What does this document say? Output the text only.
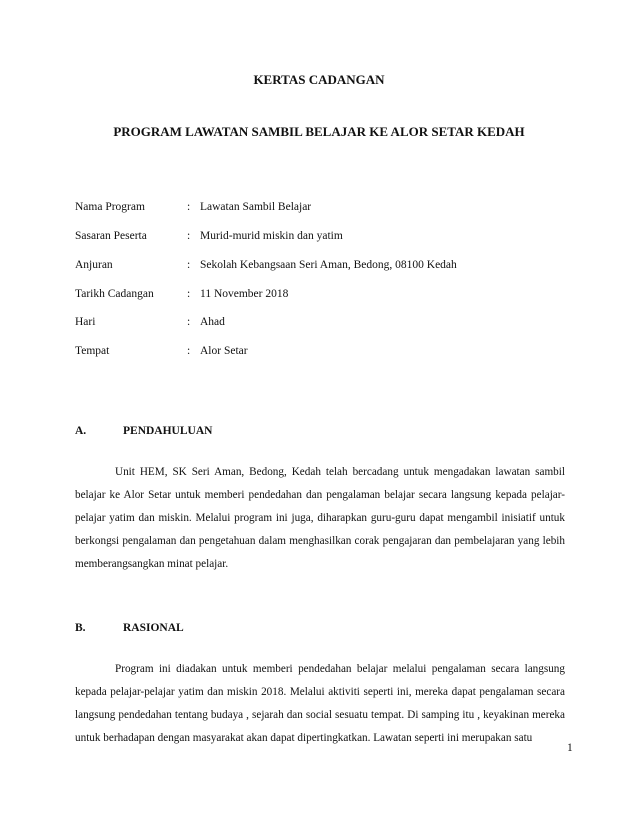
KERTAS CADANGAN
PROGRAM LAWATAN SAMBIL BELAJAR KE ALOR SETAR KEDAH
Nama Program	: Lawatan Sambil Belajar
Sasaran Peserta	: Murid-murid miskin dan yatim
Anjuran	: Sekolah Kebangsaan Seri Aman, Bedong, 08100 Kedah
Tarikh Cadangan	: 11 November 2018
Hari	: Ahad
Tempat	: Alor Setar
A.	PENDAHULUAN
Unit HEM, SK Seri Aman, Bedong, Kedah telah bercadang untuk mengadakan lawatan sambil belajar ke Alor Setar untuk memberi pendedahan dan pengalaman belajar secara langsung kepada pelajar-pelajar yatim dan miskin. Melalui program ini juga, diharapkan guru-guru dapat mengambil inisiatif untuk berkongsi pengalaman dan pengetahuan dalam menghasilkan corak pengajaran dan pembelajaran yang lebih memberangsangkan minat pelajar.
B.	RASIONAL
Program ini diadakan untuk memberi pendedahan belajar melalui pengalaman secara langsung kepada pelajar-pelajar yatim dan miskin 2018. Melalui aktiviti seperti ini, mereka dapat pengalaman secara langsung pendedahan tentang budaya , sejarah dan social sesuatu tempat. Di samping itu , keyakinan mereka untuk berhadapan dengan masyarakat akan dapat dipertingkatkan. Lawatan seperti ini merupakan satu
1
